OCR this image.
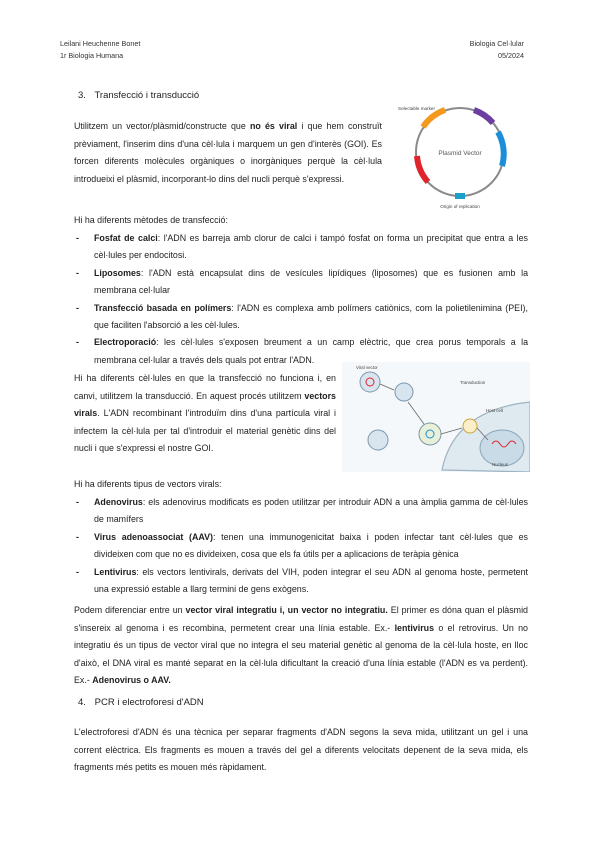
Leilani Heuchenne Bonet
1r Biologia Humana
Biologia Cel·lular
05/2024
3. Transfecció i transducció
Utilitzem un vector/plàsmid/constructe que no és viral i que hem construït prèviament, l'inserim dins d'una cèl·lula i marquem un gen d'interès (GOI). Es forcen diferents molècules orgàniques o inorgàniques perquè la cèl·lula introdueixi el plàsmid, incorporant-lo dins del nucli perquè s'expressi.
Plasmid Vector
Selectable marker
Origin of replication
Hi ha diferents mètodes de transfecció:
- Fosfat de calci: l'ADN es barreja amb clorur de calci i tampó fosfat on forma un precipitat que entra a les cèl·lules per endocitosi.
- Liposomes: l'ADN està encapsulat dins de vesícules lipídiques (liposomes) que es fusionen amb la membrana cel·lular
- Transfecció basada en polímers: l'ADN es complexa amb polímers catiònics, com la polietilenimina (PEI), que faciliten l'absorció a les cèl·lules.
- Electroporació: les cèl·lules s'exposen breument a un camp elèctric, que crea porus temporals a la membrana cel·lular a través dels quals pot entrar l'ADN.
Hi ha diferents cèl·lules en que la transfecció no funciona i, en canvi, utilitzem la transducció. En aquest procés utilitzem vectors virals. L'ADN recombinant l'introduïm dins d'una partícula viral i infectem la cèl·lula per tal d'introduir el material genètic dins del nucli i que s'expressi el nostre GOI.
Viral vector
Transduction
Nucleus
Host cell
Hi ha diferents tipus de vectors virals:
- Adenovirus: els adenovirus modificats es poden utilitzar per introduir ADN a una àmplia gamma de cèl·lules de mamífers
- Virus adenoassociat (AAV): tenen una immunogenicitat baixa i poden infectar tant cèl·lules que es divideixen com que no es divideixen, cosa que els fa útils per a aplicacions de teràpia gènica
- Lentivirus: els vectors lentivirals, derivats del VIH, poden integrar el seu ADN al genoma hoste, permetent una expressió estable a llarg termini de gens exògens.
Podem diferenciar entre un vector viral integratiu i, un vector no integratiu. El primer es dóna quan el plàsmid s'insereix al genoma i es recombina, permetent crear una línia estable. Ex.- lentivirus o el retrovirus. Un no integratiu és un tipus de vector viral que no integra el seu material genètic al genoma de la cèl·lula hoste, en lloc d'això, el DNA viral es manté separat en la cèl·lula dificultant la creació d'una línia estable (l'ADN es va perdent). Ex.- Adenovirus o AAV.
4. PCR i electroforesi d'ADN
L'electroforesi d'ADN és una tècnica per separar fragments d'ADN segons la seva mida, utilitzant un gel i una corrent elèctrica. Els fragments es mouen a través del gel a diferents velocitats depenent de la seva mida, els fragments més petits es mouen més ràpidament.
